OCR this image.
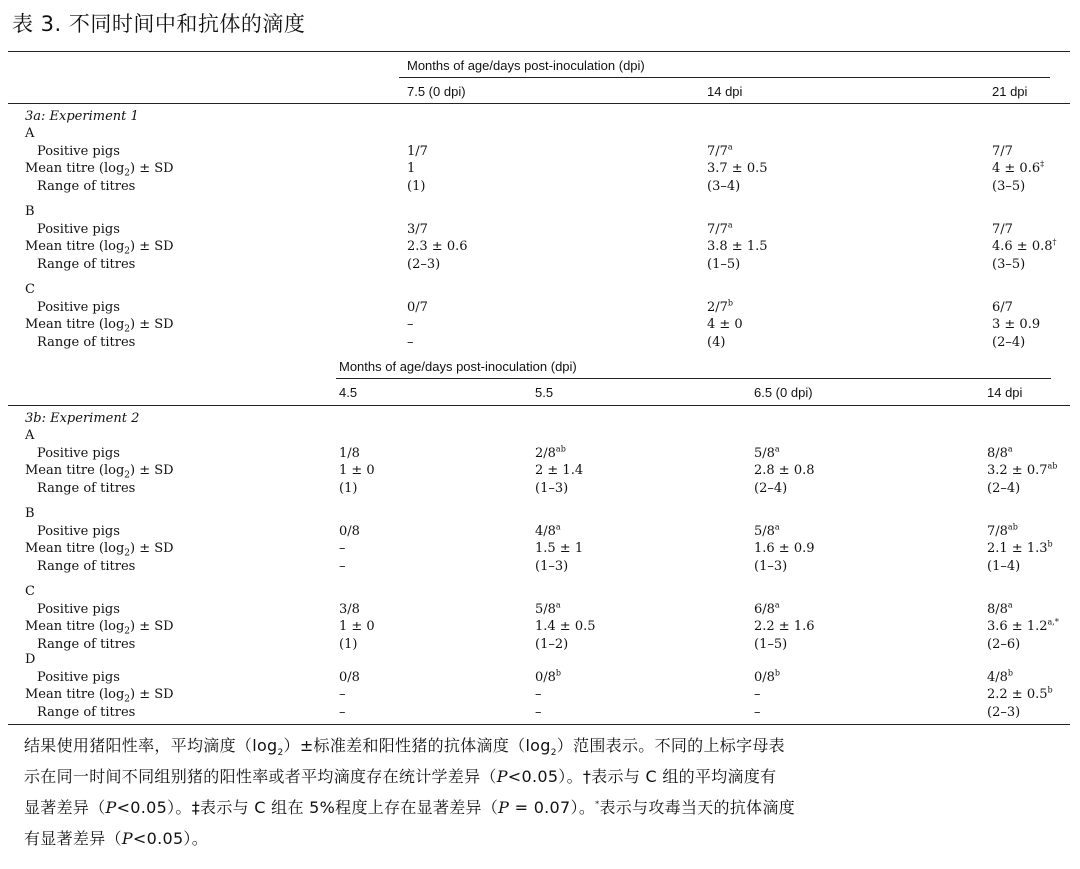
表 3. 不同时间中和抗体的滴度
Months of age/days post-inoculation (dpi)
7.5 (0 dpi)	14 dpi	21 dpi
3a: Experiment 1
A
Positive pigs	1/7	7/7$^a$	7/7
Mean titre $(\log_2)$ ± SD	1	3.7 ± 0.5	4 ± 0.6‡
Range of titres	(1)	(3–4)	(3–5)
B
Positive pigs	3/7	7/7$^a$	7/7
Mean titre $(\log_2)$ ± SD	2.3 ± 0.6	3.8 ± 1.5	4.6 ± 0.8†
Range of titres	(2–3)	(1–5)	(3–5)
C
Positive pigs	0/7	2/7$^b$	6/7
Mean titre $(\log_2)$ ± SD	–	4 ± 0	3 ± 0.9
Range of titres	–	(4)	(2–4)
Months of age/days post-inoculation (dpi)
4.5	5.5	6.5 (0 dpi)	14 dpi
3b: Experiment 2
A
Positive pigs	1/8	$2/8^{ab}$	5/8$^a$	8/8$^a$
Mean titre $(\log_2)$ ± SD	1 ± 0	2 ± 1.4	2.8 ± 0.8	3.2 ± 0.7$^{ab}$
Range of titres	(1)	(1–3)	(2–4)	(2–4)
B
Positive pigs	0/8	4/8$^a$	5/8$^a$	$7/8^{ab}$
Mean titre $(\log_2)$ ± SD	–	1.5 ± 1	1.6 ± 0.9	2.1 ± 1.3$^b$
Range of titres	–	(1–3)	(1–3)	(1–4)
C
Positive pigs	3/8	5/8$^a$	6/8$^a$	8/8$^a$
Mean titre $(\log_2)$ ± SD	1 ± 0	1.4 ± 0.5	2.2 ± 1.6	$3.6 \pm 1.2^{a,*}$
Range of titres	(1)	(1–2)	(1–5)	(2–6)
D
Positive pigs	0/8	0/8$^b$	0/8$^b$	4/8$^b$
Mean titre $(\log_2)$ ± SD	–	–	–	2.2 ± 0.5$^b$
Range of titres	–	–	–	(2–3)
结果使用猪阳性率，平均滴度$(\log_2)\pm$标准差和阳性猪的抗体滴度$(\log_2)$范围表示。不同的上标字母表
示在同一时间不同组别猪的阳性率或者平均滴度存在统计学差异（P<0.05）。†表示与 C 组的平均滴度有
显著差异（P<0.05）。‡表示与 C 组在 5%程度上存在显著差异（P = 0.07）。*表示与攻毒当天的抗体滴度
有显著差异（P<0.05）。
